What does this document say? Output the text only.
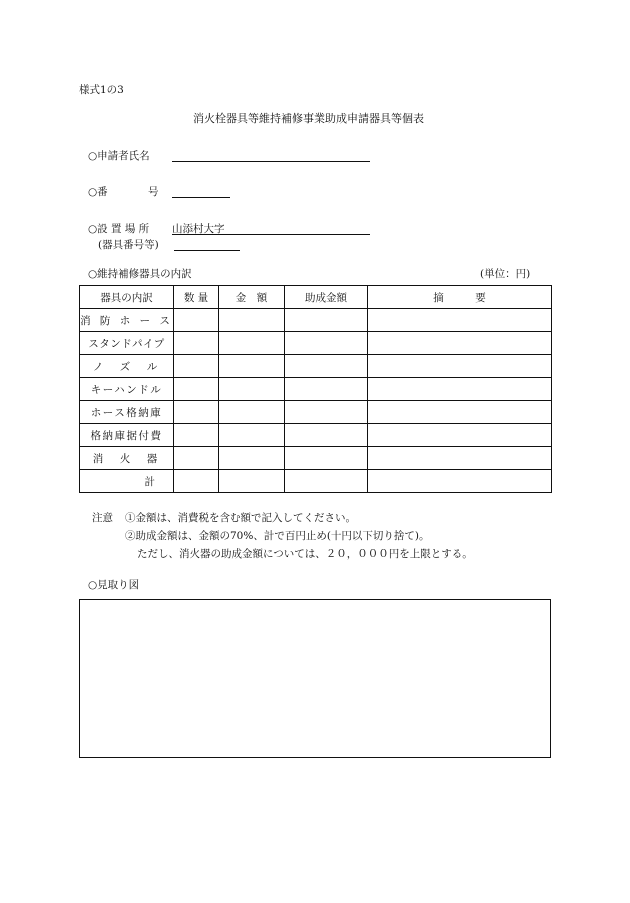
様式1の3
消火栓器具等維持補修事業助成申請器具等個表
○申請者氏名
○番	号
○設 置 場 所 山添村大字
(器具番号等)
○維持補修器具の内訳	(単位：円)
器具の内訳	数 量	金　額	助成金額	摘　　　要
消 防 ホ ー ス				
スタンドパイプ				
ノ　ズ　ル				
キーハンドル				
ホース格納庫				
格納庫据付費				
消　火　器				
計				
注意 ①金額は、消費税を含む額で記入してください。
②助成金額は、金額の70%、計で百円止め(十円以下切り捨て)。
ただし、消火器の助成金額については、２０，０００円を上限とする。
○見取り図
